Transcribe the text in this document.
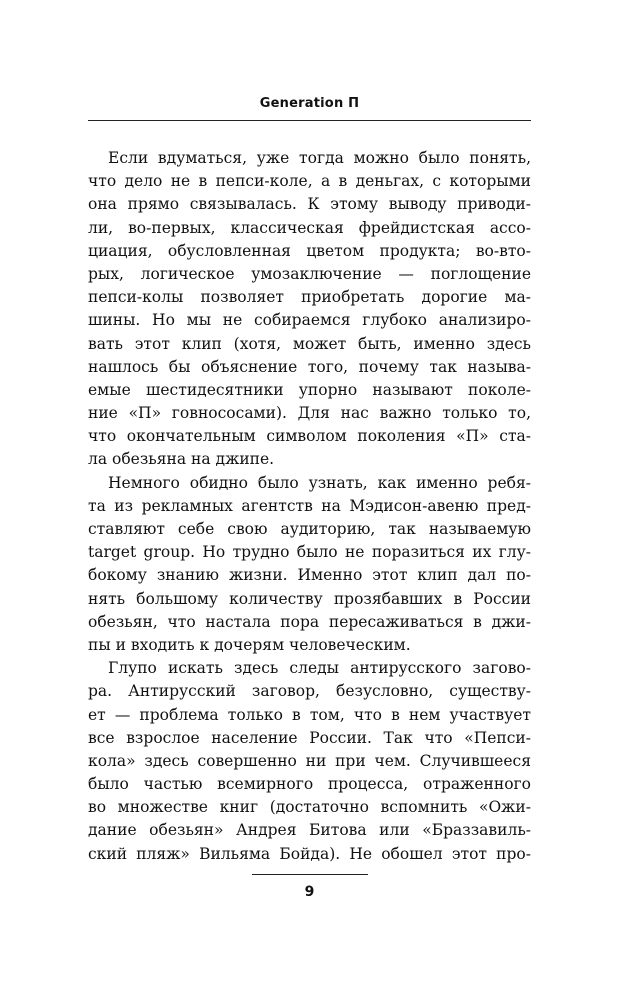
Generation П
Если вдуматься, уже тогда можно было понять,
что дело не в пепси-коле, а в деньгах, с которыми
она прямо связывалась. К этому выводу приводи-
ли, во-первых, классическая фрейдистская ассо-
циация, обусловленная цветом продукта; во-вто-
рых, логическое умозаключение — поглощение
пепси-колы позволяет приобретать дорогие ма-
шины. Но мы не собираемся глубоко анализиро-
вать этот клип (хотя, может быть, именно здесь
нашлось бы объяснение того, почему так называ-
емые шестидесятники упорно называют поколе-
ние «П» говнососами). Для нас важно только то,
что окончательным символом поколения «П» ста-
ла обезьяна на джипе.
Немного обидно было узнать, как именно ребя-
та из рекламных агентств на Мэдисон-авеню пред-
ставляют себе свою аудиторию, так называемую
target group. Но трудно было не поразиться их глу-
бокому знанию жизни. Именно этот клип дал по-
нять большому количеству прозябавших в России
обезьян, что настала пора пересаживаться в джи-
пы и входить к дочерям человеческим.
Глупо искать здесь следы антирусского загово-
ра. Антирусский заговор, безусловно, существу-
ет — проблема только в том, что в нем участвует
все взрослое население России. Так что «Пепси-
кола» здесь совершенно ни при чем. Случившееся
было частью всемирного процесса, отраженного
во множестве книг (достаточно вспомнить «Ожи-
дание обезьян» Андрея Битова или «Браззавиль-
ский пляж» Вильяма Бойда). Не обошел этот про-
9
